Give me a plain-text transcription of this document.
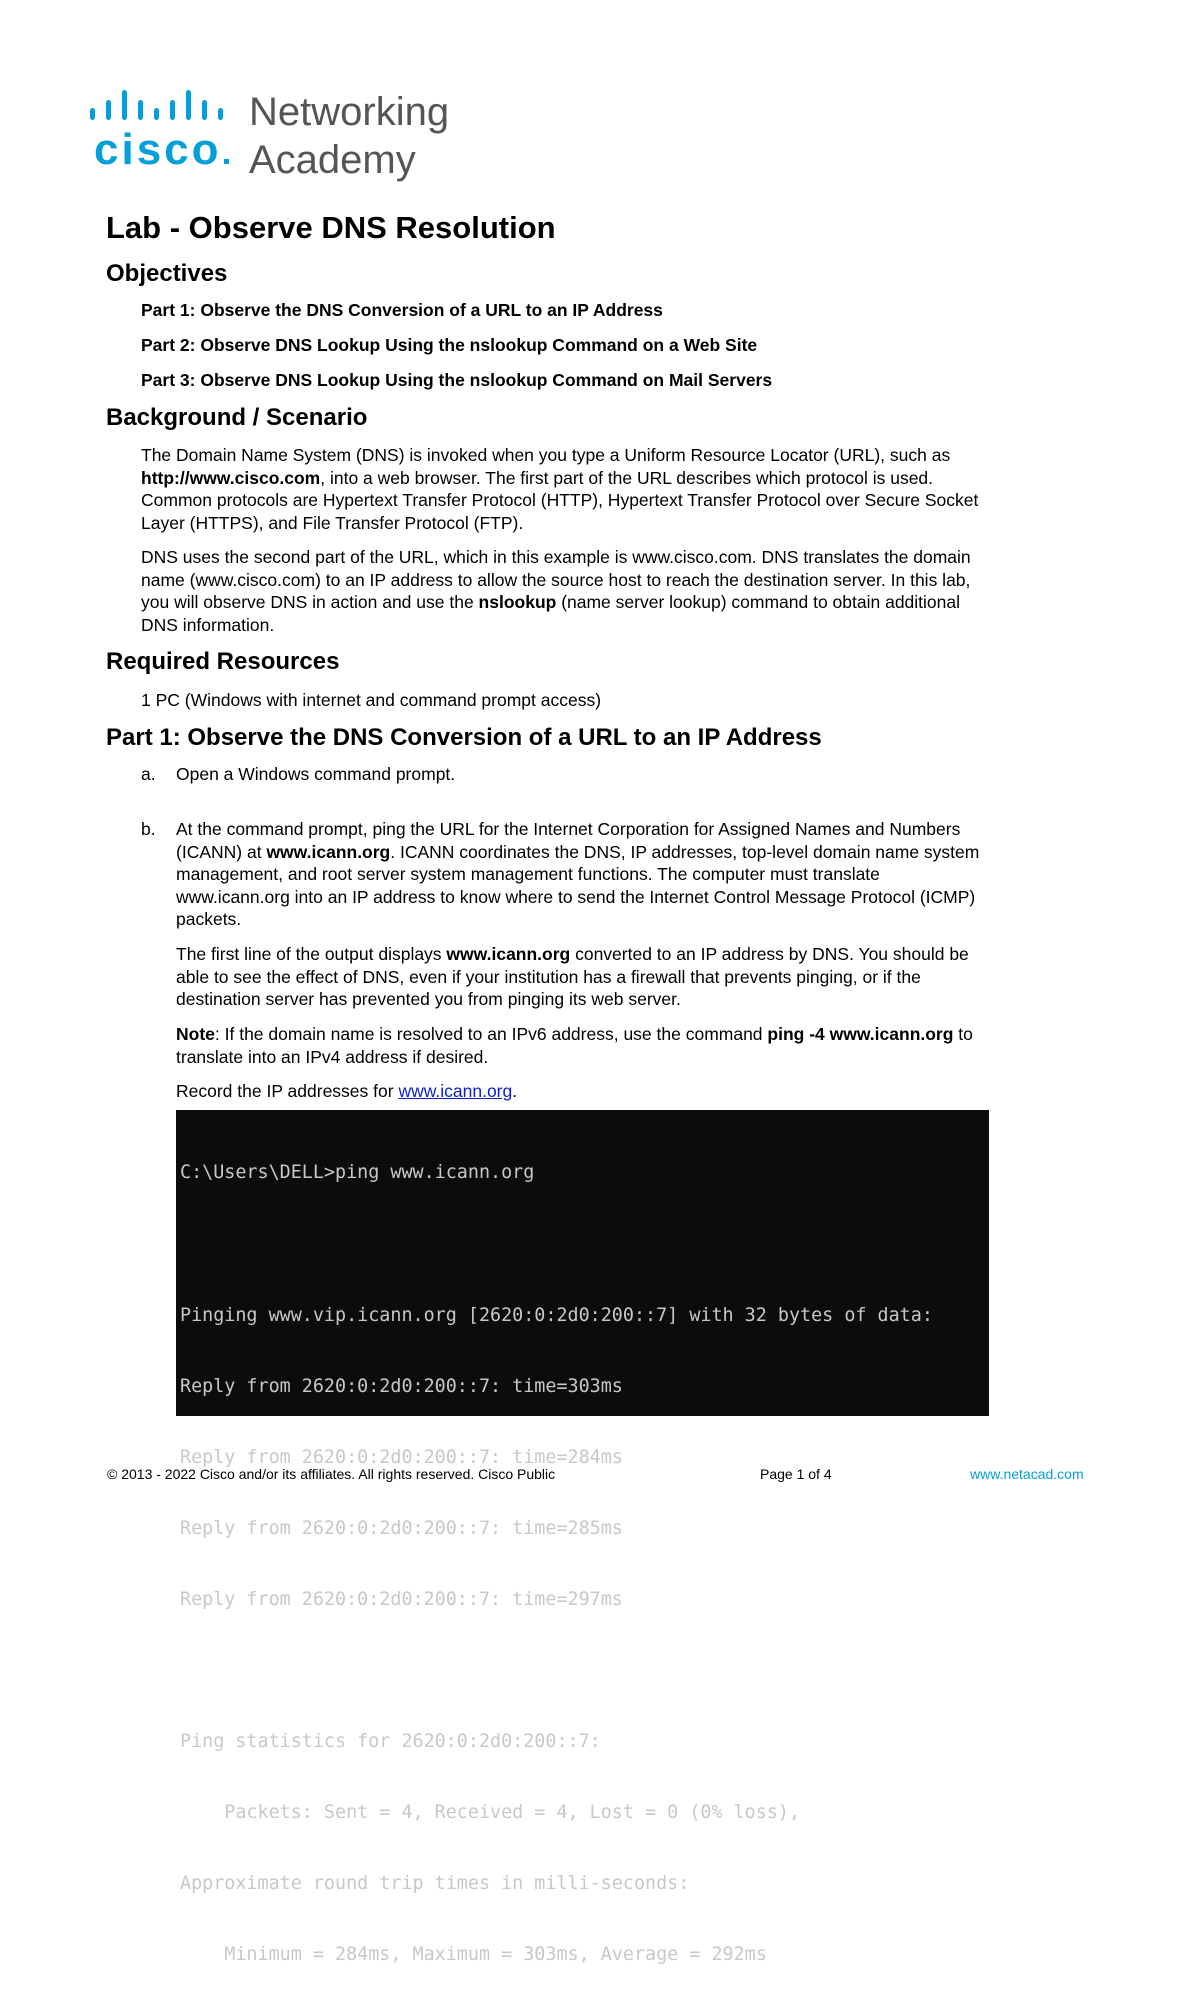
cisco
Networking
Academy
Lab - Observe DNS Resolution
Objectives

Part 1: Observe the DNS Conversion of a URL to an IP Address

Part 2: Observe DNS Lookup Using the nslookup Command on a Web Site

Part 3: Observe DNS Lookup Using the nslookup Command on Mail Servers

Background / Scenario
The Domain Name System (DNS) is invoked when you type a Uniform Resource Locator (URL), such as
http://www.cisco.com, into a web browser. The first part of the URL describes which protocol is used.
Common protocols are Hypertext Transfer Protocol (HTTP), Hypertext Transfer Protocol over Secure Socket
Layer (HTTPS), and File Transfer Protocol (FTP).
DNS uses the second part of the URL, which in this example is www.cisco.com. DNS translates the domain
name (www.cisco.com) to an IP address to allow the source host to reach the destination server. In this lab,
you will observe DNS in action and use the nslookup (name server lookup) command to obtain additional
DNS information.
Required Resources

1 PC (Windows with internet and command prompt access)

Part 1: Observe the DNS Conversion of a URL to an IP Address
a. Open a Windows command prompt.
b. At the command prompt, ping the URL for the Internet Corporation for Assigned Names and Numbers
(ICANN) at www.icann.org. ICANN coordinates the DNS, IP addresses, top-level domain name system
management, and root server system management functions. The computer must translate
www.icann.org into an IP address to know where to send the Internet Control Message Protocol (ICMP)
packets.
The first line of the output displays www.icann.org converted to an IP address by DNS. You should be
able to see the effect of DNS, even if your institution has a firewall that prevents pinging, or if the
destination server has prevented you from pinging its web server.
Note: If the domain name is resolved to an IPv6 address, use the command ping -4 www.icann.org to
translate into an IPv4 address if desired.
Record the IP addresses for www.icann.org.

C:\Users\DELL>ping www.icann.org

Pinging www.vip.icann.org [2620:0:2d0:200::7] with 32 bytes of data:

Reply from 2620:0:2d0:200::7: time=303ms

Reply from 2620:0:2d0:200::7: time=284ms

Reply from 2620:0:2d0:200::7: time=285ms

Reply from 2620:0:2d0:200::7: time=297ms

Ping statistics for 2620:0:2d0:200::7:

Packets: Sent = 4, Received = 4, Lost = 0 (0% loss),

Approximate round trip times in milli-seconds:

Minimum = 284ms, Maximum = 303ms, Average = 292ms

© 2013 - 2022 Cisco and/or its affiliates. All rights reserved. Cisco Public	Page 1 of 4	www.netacad.com
